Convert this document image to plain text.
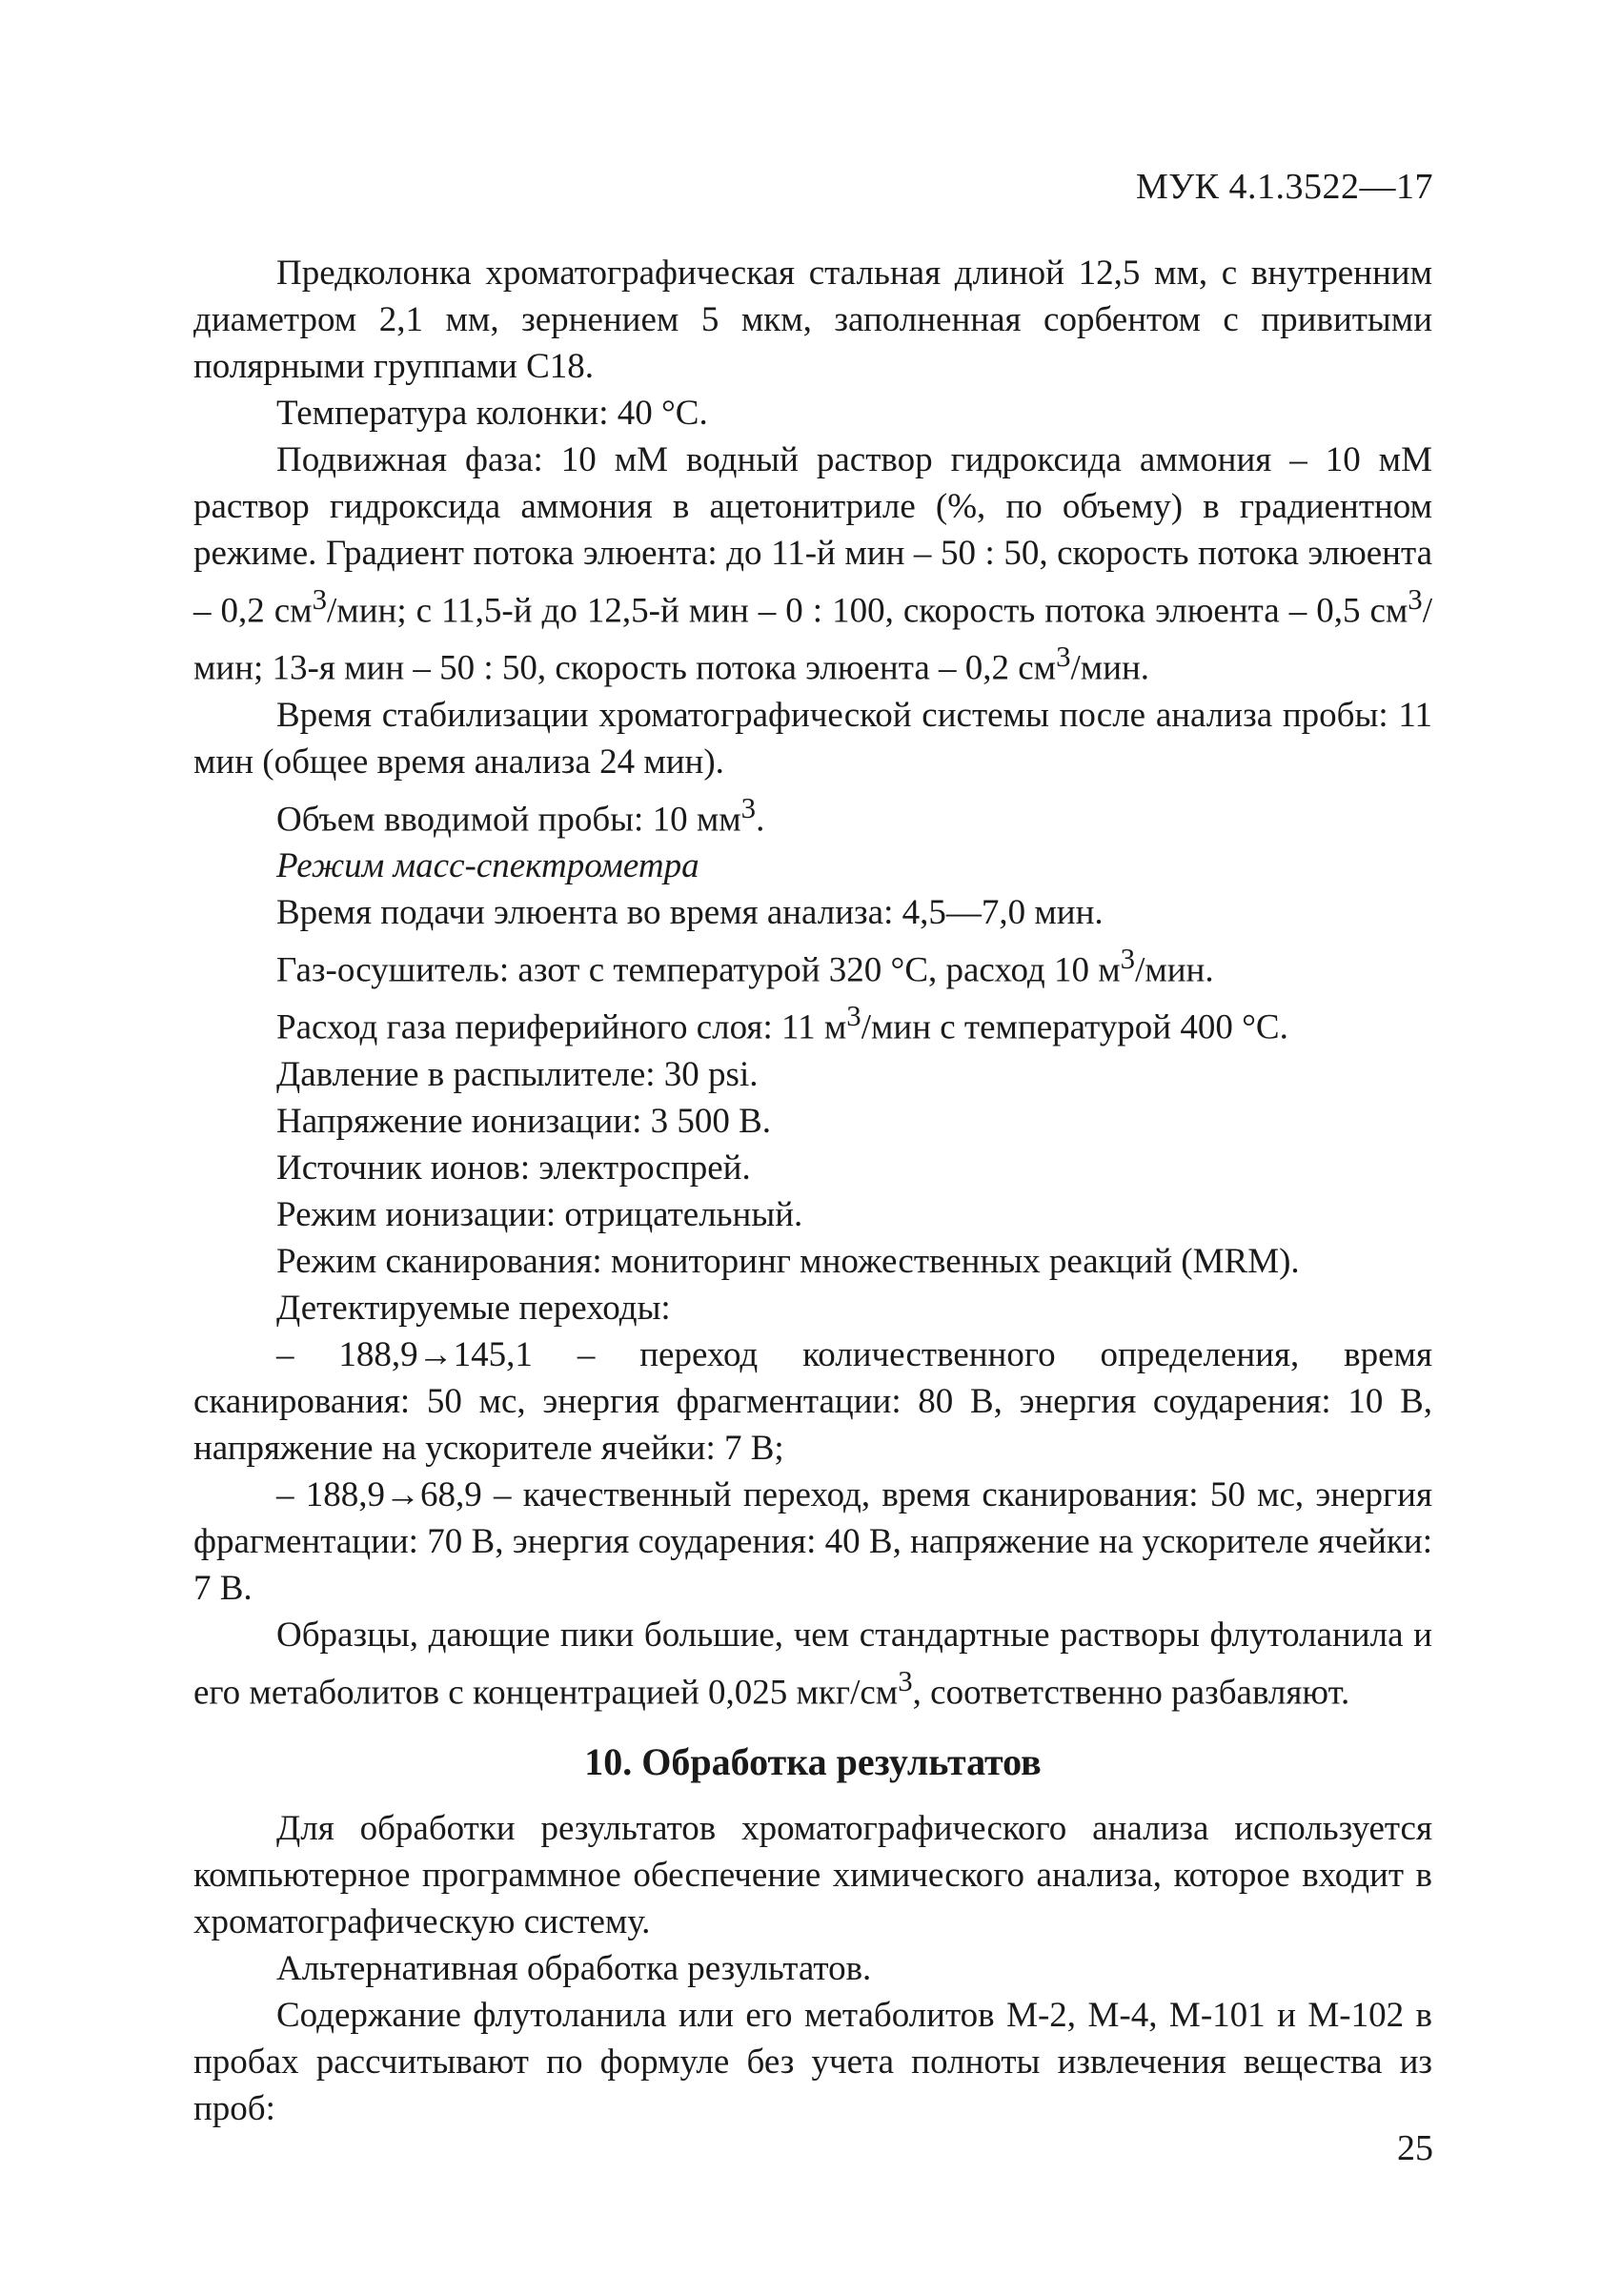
МУК 4.1.3522—17

Предколонка хроматографическая стальная длиной 12,5 мм, с внутренним диаметром 2,1 мм, зернением 5 мкм, заполненная сорбентом с привитыми полярными группами С18.

Температура колонки: 40 °С.

Подвижная фаза: 10 мМ водный раствор гидроксида аммония – 10 мМ раствор гидроксида аммония в ацетонитриле (%, по объему) в градиентном режиме. Градиент потока элюента: до 11-й мин – 50 : 50, скорость потока элюента – 0,2 $см^3$/мин; с 11,5-й до 12,5-й мин – 0 : 100, скорость потока элюента – 0,5 $см^3$/мин; 13-я мин – 50 : 50, скорость потока элюента – 0,2 $см^3$/мин.

Время стабилизации хроматографической системы после анализа пробы: 11 мин (общее время анализа 24 мин).

Объем вводимой пробы: 10 $мм^3$.

Режим масс-спектрометра

Время подачи элюента во время анализа: 4,5—7,0 мин.

Газ-осушитель: азот с температурой 320 °С, расход 10 $м^3$/мин.

Расход газа периферийного слоя: 11 $м^3$/мин с температурой 400 °С.

Давление в распылителе: 30 psi.

Напряжение ионизации: 3 500 В.

Источник ионов: электроспрей.

Режим ионизации: отрицательный.

Режим сканирования: мониторинг множественных реакций (MRM).

Детектируемые переходы:

– 188,9→145,1 – переход количественного определения, время сканирования: 50 мс, энергия фрагментации: 80 В, энергия соударения: 10 В, напряжение на ускорителе ячейки: 7 В;

– 188,9→68,9 – качественный переход, время сканирования: 50 мс, энергия фрагментации: 70 В, энергия соударения: 40 В, напряжение на ускорителе ячейки: 7 В.

Образцы, дающие пики большие, чем стандартные растворы флутоланила и его метаболитов с концентрацией 0,025 мкг/$см^3$, соответственно разбавляют.

10. Обработка результатов

Для обработки результатов хроматографического анализа используется компьютерное программное обеспечение химического анализа, которое входит в хроматографическую систему.

Альтернативная обработка результатов.

Содержание флутоланила или его метаболитов М-2, М-4, М-101 и М-102 в пробах рассчитывают по формуле без учета полноты извлечения вещества из проб:

25
